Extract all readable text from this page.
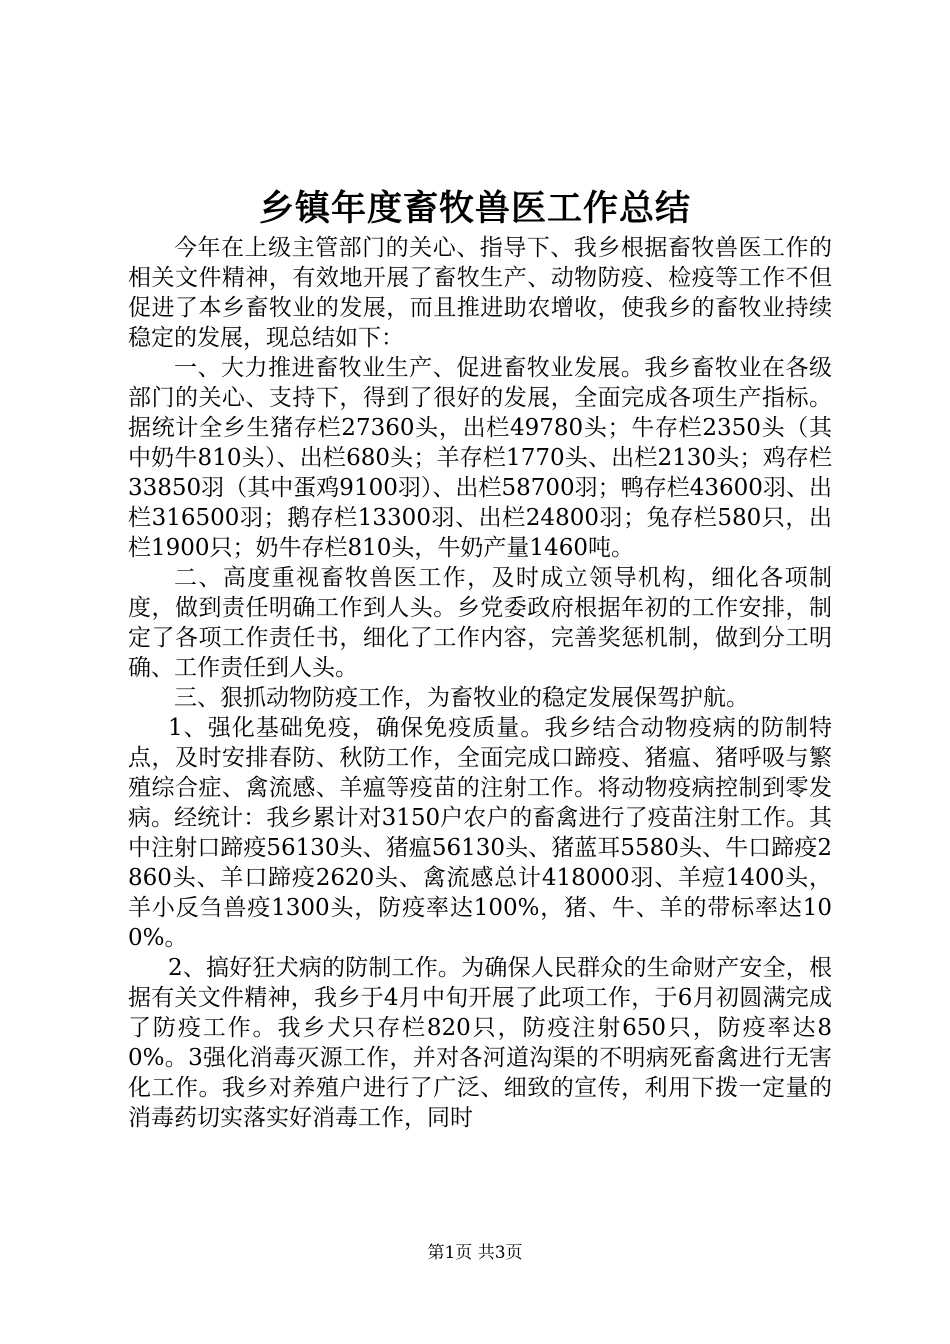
乡镇年度畜牧兽医工作总结

今年在上级主管部门的关心、指导下、我乡根据畜牧兽医工作的相关文件精神，有效地开展了畜牧生产、动物防疫、检疫等工作不但促进了本乡畜牧业的发展，而且推进助农增收，使我乡的畜牧业持续稳定的发展，现总结如下：

一、大力推进畜牧业生产、促进畜牧业发展。我乡畜牧业在各级部门的关心、支持下，得到了很好的发展，全面完成各项生产指标。据统计全乡生猪存栏27360头，出栏49780头；牛存栏2350头（其中奶牛810头）、出栏680头；羊存栏1770头、出栏2130头；鸡存栏33850羽（其中蛋鸡9100羽）、出栏58700羽；鸭存栏43600羽、出栏316500羽；鹅存栏13300羽、出栏24800羽；兔存栏580只，出栏1900只；奶牛存栏810头，牛奶产量1460吨。

二、高度重视畜牧兽医工作，及时成立领导机构，细化各项制度，做到责任明确工作到人头。乡党委政府根据年初的工作安排，制定了各项工作责任书，细化了工作内容，完善奖惩机制，做到分工明确、工作责任到人头。

三、狠抓动物防疫工作，为畜牧业的稳定发展保驾护航。

1、强化基础免疫，确保免疫质量。我乡结合动物疫病的防制特点，及时安排春防、秋防工作，全面完成口蹄疫、猪瘟、猪呼吸与繁殖综合症、禽流感、羊瘟等疫苗的注射工作。将动物疫病控制到零发病。经统计：我乡累计对3150户农户的畜禽进行了疫苗注射工作。其中注射口蹄疫56130头、猪瘟56130头、猪蓝耳5580头、牛口蹄疫2860头、羊口蹄疫2620头、禽流感总计418000羽、羊痘1400头，羊小反刍兽疫1300头，防疫率达100%，猪、牛、羊的带标率达100%。

2、搞好狂犬病的防制工作。为确保人民群众的生命财产安全，根据有关文件精神，我乡于4月中旬开展了此项工作，于6月初圆满完成了防疫工作。我乡犬只存栏820只，防疫注射650只，防疫率达80%。3强化消毒灭源工作，并对各河道沟渠的不明病死畜禽进行无害化工作。我乡对养殖户进行了广泛、细致的宣传，利用下拨一定量的消毒药切实落实好消毒工作，同时

第1页 共3页
